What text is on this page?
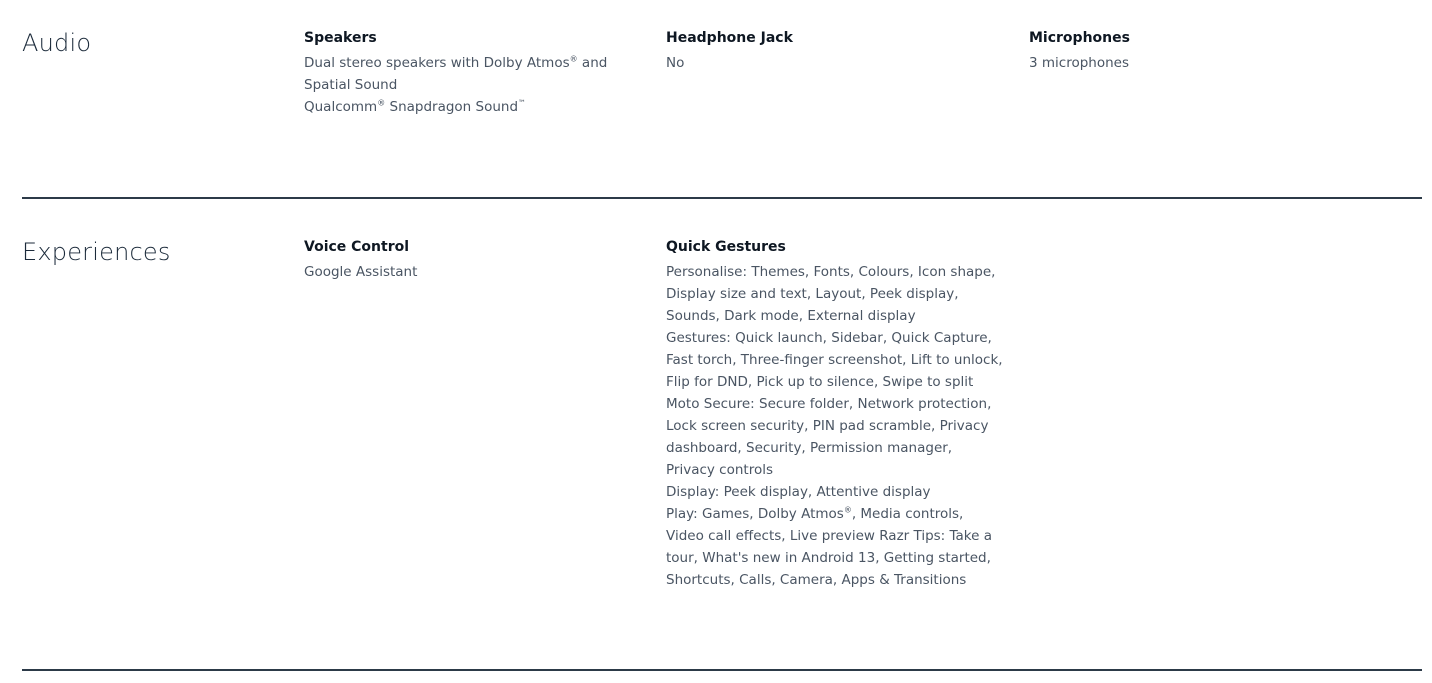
Audio	Speakers
Dual stereo speakers with Dolby Atmos® and
Spatial Sound
Qualcomm® Snapdragon Sound™
Headphone Jack
No
Microphones
3 microphones
Experiences	Voice Control
Google Assistant
Quick Gestures
Personalise: Themes, Fonts, Colours, Icon shape,
Display size and text, Layout, Peek display,
Sounds, Dark mode, External display
Gestures: Quick launch, Sidebar, Quick Capture,
Fast torch, Three-finger screenshot, Lift to unlock,
Flip for DND, Pick up to silence, Swipe to split
Moto Secure: Secure folder, Network protection,
Lock screen security, PIN pad scramble, Privacy
dashboard, Security, Permission manager,
Privacy controls
Display: Peek display, Attentive display
Play: Games, Dolby Atmos®, Media controls,
Video call effects, Live preview Razr Tips: Take a
tour, What's new in Android 13, Getting started,
Shortcuts, Calls, Camera, Apps & Transitions
